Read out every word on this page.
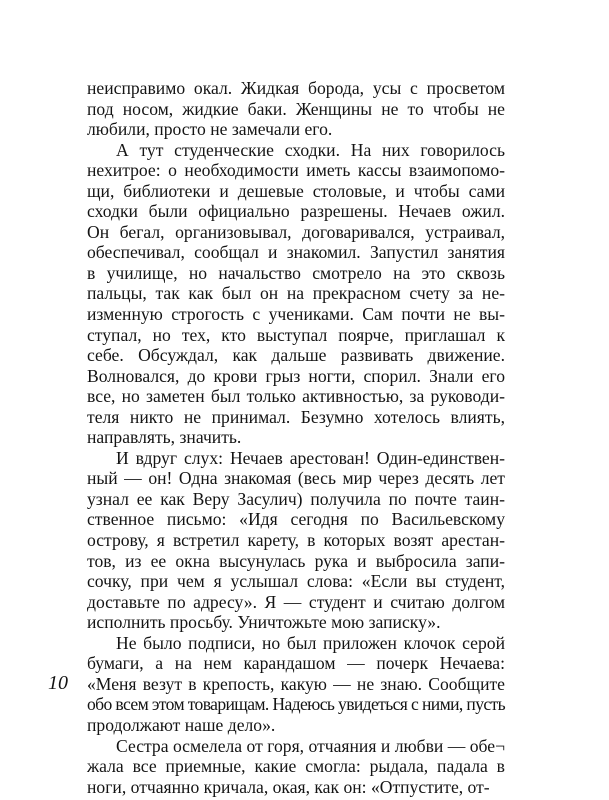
неисправимо окал. Жидкая борода, усы с просветом
под носом, жидкие баки. Женщины не то чтобы не
любили, просто не замечали его.
А тут студенческие сходки. На них говорилось
нехитрое: о необходимости иметь кассы взаимопомо-
щи, библиотеки и дешевые столовые, и чтобы сами
сходки были официально разрешены. Нечаев ожил.
Он бегал, организовывал, договаривался, устраивал,
обеспечивал, сообщал и знакомил. Запустил занятия
в училище, но начальство смотрело на это сквозь
пальцы, так как был он на прекрасном счету за не-
изменную строгость с учениками. Сам почти не вы-
ступал, но тех, кто выступал поярче, приглашал к
себе. Обсуждал, как дальше развивать движение.
Волновался, до крови грыз ногти, спорил. Знали его
все, но заметен был только активностью, за руководи-
теля никто не принимал. Безумно хотелось влиять,
направлять, значить.
И вдруг слух: Нечаев арестован! Один-единствен-
ный — он! Одна знакомая (весь мир через десять лет
узнал ее как Веру Засулич) получила по почте таин-
ственное письмо: «Идя сегодня по Васильевскому
острову, я встретил карету, в которых возят арестан-
тов, из ее окна высунулась рука и выбросила запи-
сочку, при чем я услышал слова: «Если вы студент,
доставьте по адресу». Я — студент и считаю долгом
исполнить просьбу. Уничтожьте мою записку».
Не было подписи, но был приложен клочок серой
бумаги, а на нем карандашом — почерк Нечаева:
«Меня везут в крепость, какую — не знаю. Сообщите
обо всем этом товарищам. Надеюсь увидеться с ними, пусть
продолжают наше дело».
Сестра осмелела от горя, отчаяния и любви — обе¬
жала все приемные, какие смогла: рыдала, падала в
ноги, отчаянно кричала, окая, как он: «Отпустите, от-
10
